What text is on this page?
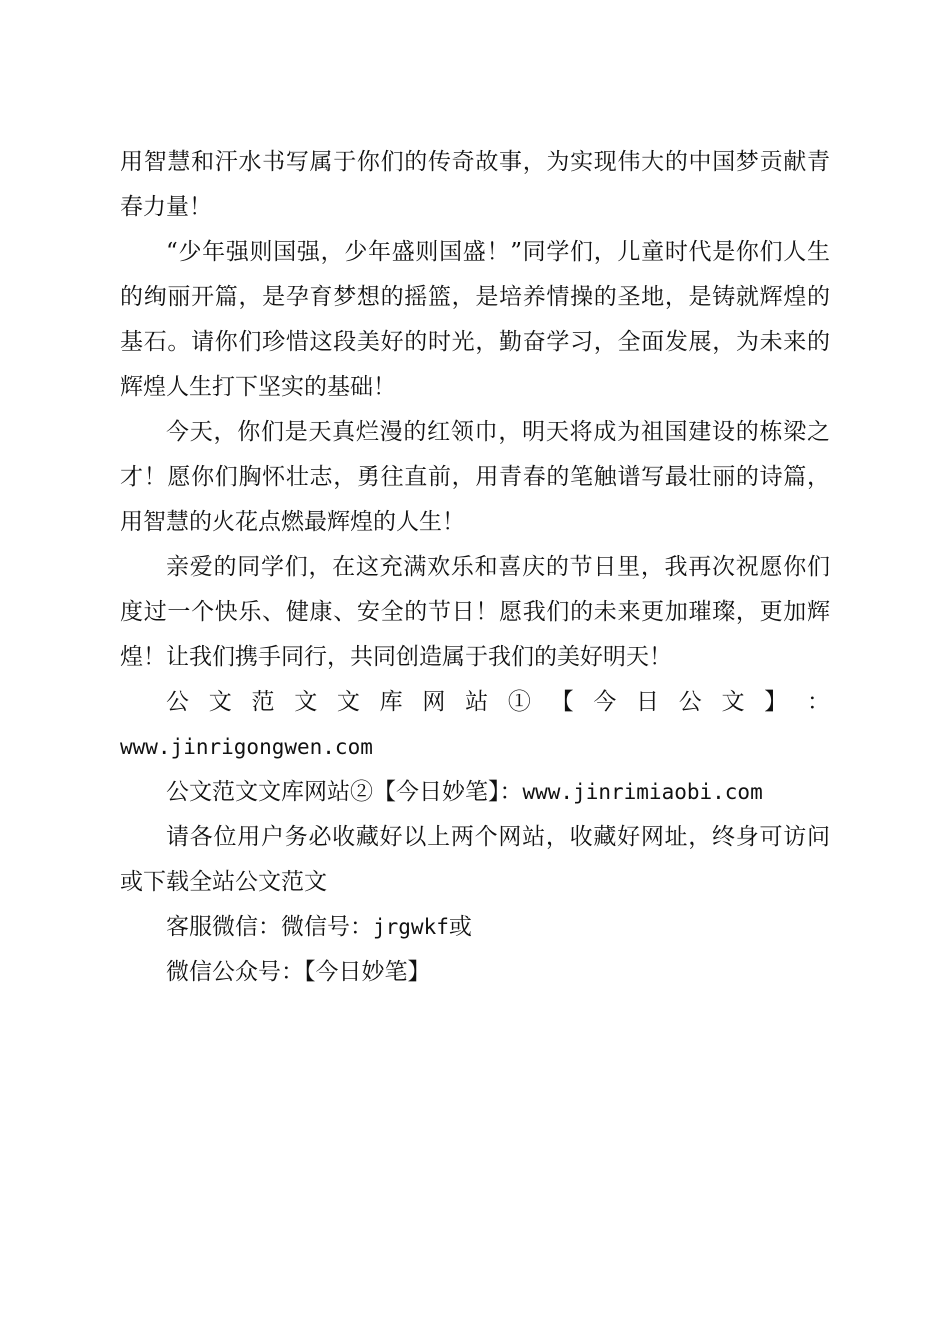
用智慧和汗水书写属于你们的传奇故事，为实现伟大的中国梦贡献青春力量！

“少年强则国强，少年盛则国盛！”同学们，儿童时代是你们人生的绚丽开篇，是孕育梦想的摇篮，是培养情操的圣地，是铸就辉煌的基石。请你们珍惜这段美好的时光，勤奋学习，全面发展，为未来的辉煌人生打下坚实的基础！

今天，你们是天真烂漫的红领巾，明天将成为祖国建设的栋梁之才！愿你们胸怀壮志，勇往直前，用青春的笔触谱写最壮丽的诗篇，用智慧的火花点燃最辉煌的人生！

亲爱的同学们，在这充满欢乐和喜庆的节日里，我再次祝愿你们度过一个快乐、健康、安全的节日！愿我们的未来更加璀璨，更加辉煌！让我们携手同行，共同创造属于我们的美好明天！

公 文 范 文 文 库 网 站 ① 【 今 日 公 文 】 ：

www.jinrigongwen.com

公文范文文库网站②【今日妙笔】：www.jinrimiaobi.com

请各位用户务必收藏好以上两个网站，收藏好网址，终身可访问或下载全站公文范文

客服微信：微信号：jrgwkf或

微信公众号：【今日妙笔】
